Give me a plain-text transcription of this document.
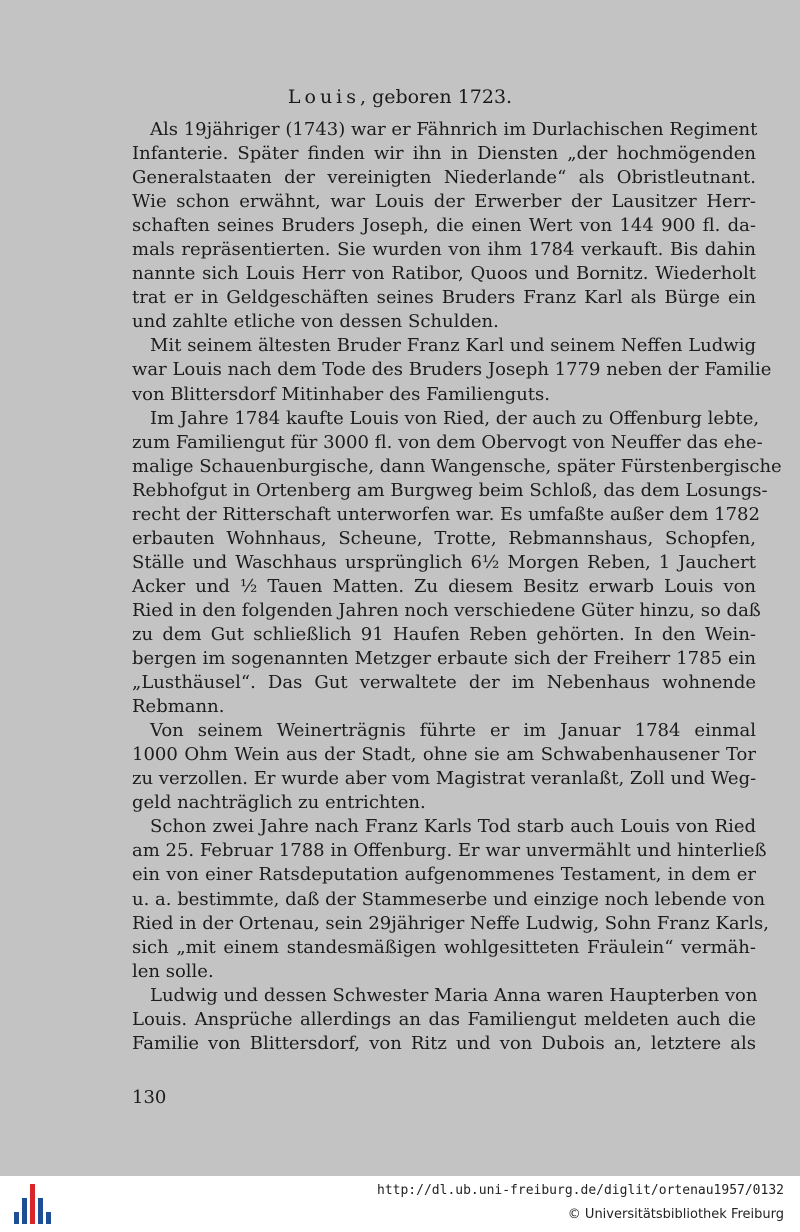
Louis, geboren 1723.

Als 19jähriger (1743) war er Fähnrich im Durlachischen Regiment
Infanterie. Später finden wir ihn in Diensten „der hochmögenden
Generalstaaten der vereinigten Niederlande“ als Obristleutnant.
Wie schon erwähnt, war Louis der Erwerber der Lausitzer Herr-
schaften seines Bruders Joseph, die einen Wert von 144 900 fl. da-
mals repräsentierten. Sie wurden von ihm 1784 verkauft. Bis dahin
nannte sich Louis Herr von Ratibor, Quoos und Bornitz. Wiederholt
trat er in Geldgeschäften seines Bruders Franz Karl als Bürge ein
und zahlte etliche von dessen Schulden.

Mit seinem ältesten Bruder Franz Karl und seinem Neffen Ludwig
war Louis nach dem Tode des Bruders Joseph 1779 neben der Familie
von Blittersdorf Mitinhaber des Familienguts.

Im Jahre 1784 kaufte Louis von Ried, der auch zu Offenburg lebte,
zum Familiengut für 3000 fl. von dem Obervogt von Neuffer das ehe-
malige Schauenburgische, dann Wangensche, später Fürstenbergische
Rebhofgut in Ortenberg am Burgweg beim Schloß, das dem Losungs-
recht der Ritterschaft unterworfen war. Es umfaßte außer dem 1782
erbauten Wohnhaus, Scheune, Trotte, Rebmannshaus, Schopfen,
Ställe und Waschhaus ursprünglich 6½ Morgen Reben, 1 Jauchert
Acker und ½ Tauen Matten. Zu diesem Besitz erwarb Louis von
Ried in den folgenden Jahren noch verschiedene Güter hinzu, so daß
zu dem Gut schließlich 91 Haufen Reben gehörten. In den Wein-
bergen im sogenannten Metzger erbaute sich der Freiherr 1785 ein
„Lusthäusel“. Das Gut verwaltete der im Nebenhaus wohnende
Rebmann.

Von seinem Weinerträgnis führte er im Januar 1784 einmal
1000 Ohm Wein aus der Stadt, ohne sie am Schwabenhausener Tor
zu verzollen. Er wurde aber vom Magistrat veranlaßt, Zoll und Weg-
geld nachträglich zu entrichten.

Schon zwei Jahre nach Franz Karls Tod starb auch Louis von Ried
am 25. Februar 1788 in Offenburg. Er war unvermählt und hinterließ
ein von einer Ratsdeputation aufgenommenes Testament, in dem er
u. a. bestimmte, daß der Stammeserbe und einzige noch lebende von
Ried in der Ortenau, sein 29jähriger Neffe Ludwig, Sohn Franz Karls,
sich „mit einem standesmäßigen wohlgesitteten Fräulein“ vermäh-
len solle.

Ludwig und dessen Schwester Maria Anna waren Haupterben von
Louis. Ansprüche allerdings an das Familiengut meldeten auch die
Familie von Blittersdorf, von Ritz und von Dubois an, letztere als

130
http://dl.ub.uni-freiburg.de/diglit/ortenau1957/0132
© Universitätsbibliothek Freiburg
